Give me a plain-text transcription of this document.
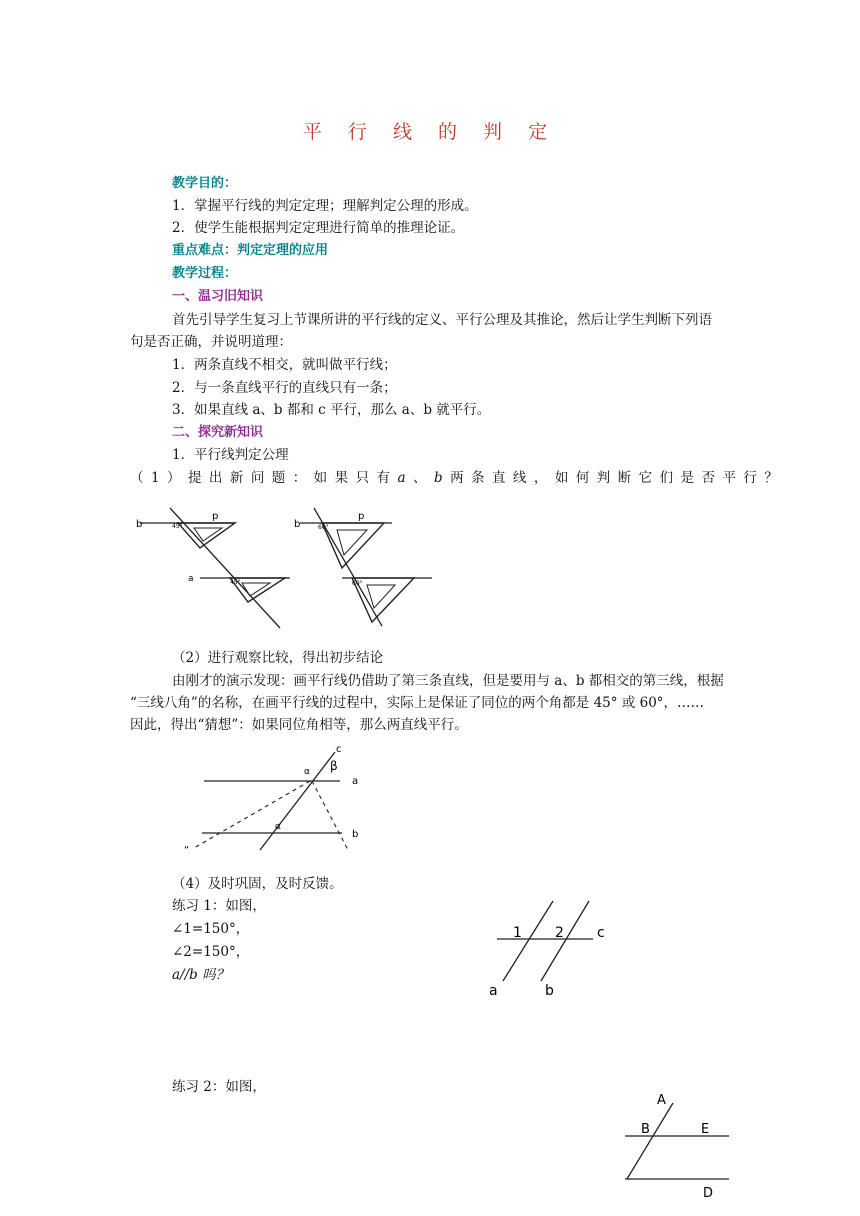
平 行 线 的 判 定
教学目的：
1．掌握平行线的判定定理；理解判定公理的形成。
2．使学生能根据判定定理进行简单的推理论证。
重点难点：判定定理的应用
教学过程：
一、温习旧知识
首先引导学生复习上节课所讲的平行线的定义、平行公理及其推论，然后让学生判断下列语
句是否正确，并说明道理：
1．两条直线不相交，就叫做平行线；
2．与一条直线平行的直线只有一条；
3．如果直线 a、b 都和 c 平行，那么 a、b 就平行。
二、探究新知识
1．平行线判定公理
（ 1 ） 提 出 新 问 题 ： 如 果 只 有 a 、 b 两 条 直 线 ， 如 何 判 断 它 们 是 否 平 行 ？
b
p
a
45°
45°
b
p
60°
60°
（2）进行观察比较，得出初步结论
由刚才的演示发现：画平行线仍借助了第三条直线，但是要用与 a、b 都相交的第三线，根据
“三线八角”的名称，在画平行线的过程中，实际上是保证了同位的两个角都是 45° 或 60°，……
因此，得出“猜想”：如果同位角相等，那么两直线平行。
c
α β
a
α
b
“
（4）及时巩固，及时反馈。
练习 1：如图，
∠1=150°，
∠2=150°，
a//b 吗？
1 2 c
a	b
练习 2：如图，
A
B	E
D
